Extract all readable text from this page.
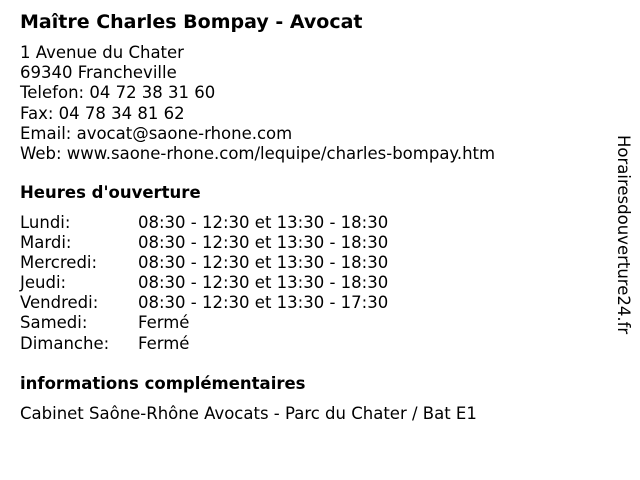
Maître Charles Bompay - Avocat
1 Avenue du Chater
69340 Francheville
Telefon: 04 72 38 31 60
Fax: 04 78 34 81 62
Email: avocat@saone-rhone.com
Web: www.saone-rhone.com/lequipe/charles-bompay.htm
Heures d'ouverture
Lundi:	08:30 - 12:30 et 13:30 - 18:30
Mardi:	08:30 - 12:30 et 13:30 - 18:30
Mercredi: 08:30 - 12:30 et 13:30 - 18:30
Jeudi:	08:30 - 12:30 et 13:30 - 18:30
Vendredi: 08:30 - 12:30 et 13:30 - 17:30
Samedi:	Fermé
Dimanche: Fermé
informations complémentaires
Cabinet Saône-Rhône Avocats - Parc du Chater / Bat E1
Horairesdouverture24.fr
